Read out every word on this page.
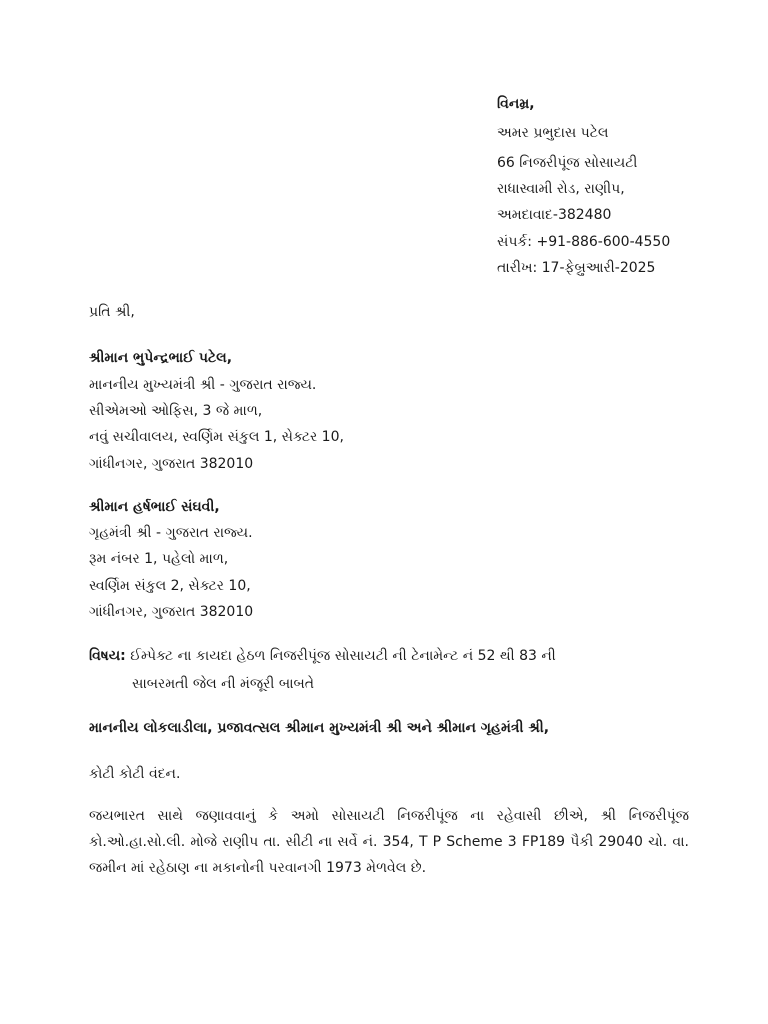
વિનમ્ર,
અમર પ્રભુદાસ પટેલ
66 નિજરીપૂંજ સોસાયટી
રાધાસ્વામી રોડ, રાણીપ,
અમદાવાદ-382480
સંપર્ક: +91-886-600-4550
તારીખ: 17-ફેબ્રુઆરી-2025
પ્રતિ શ્રી,
શ્રીમાન ભુપેન્દ્રભાઈ પટેલ,
માનનીય મુખ્યમંત્રી શ્રી - ગુજરાત રાજ્ય.
સીએમઓ ઓફિસ, 3 જે માળ,
નવું સચીવાલય, સ્વર્ણિમ સંકુલ 1, સેક્ટર 10,
ગાંધીનગર, ગુજરાત 382010
શ્રીમાન હર્ષભાઈ સંઘવી,
ગૃહમંત્રી શ્રી - ગુજરાત રાજ્ય.
રૂમ નંબર 1, પહેલો માળ,
સ્વર્ણિમ સંકુલ 2, સેક્ટર 10,
ગાંધીનગર, ગુજરાત 382010
વિષય: ઈમ્પેક્ટ ના કાયદા હેઠળ નિજરીપૂંજ સોસાયટી ની ટેનામેન્ટ નં 52 થી 83 ની
સાબરમતી જેલ ની મંજૂરી બાબતે
માનનીય લોકલાડીલા, પ્રજાવત્સલ શ્રીમાન મુખ્યમંત્રી શ્રી અને શ્રીમાન ગૃહમંત્રી શ્રી,
કોટી કોટી વંદન.
જયભારત સાથે જણાવવાનું કે અમો સોસાયટી નિજરીપૂંજ ના રહેવાસી છીએ, શ્રી નિજરીપૂંજ
કો.ઓ.હા.સો.લી. મોજે રાણીપ તા. સીટી ના સર્વે નં. 354, T P Scheme 3 FP189 પૈકી 29040 ચો. વા.
જમીન માં રહેઠાણ ના મકાનોની પરવાનગી 1973 મેળવેલ છે.
